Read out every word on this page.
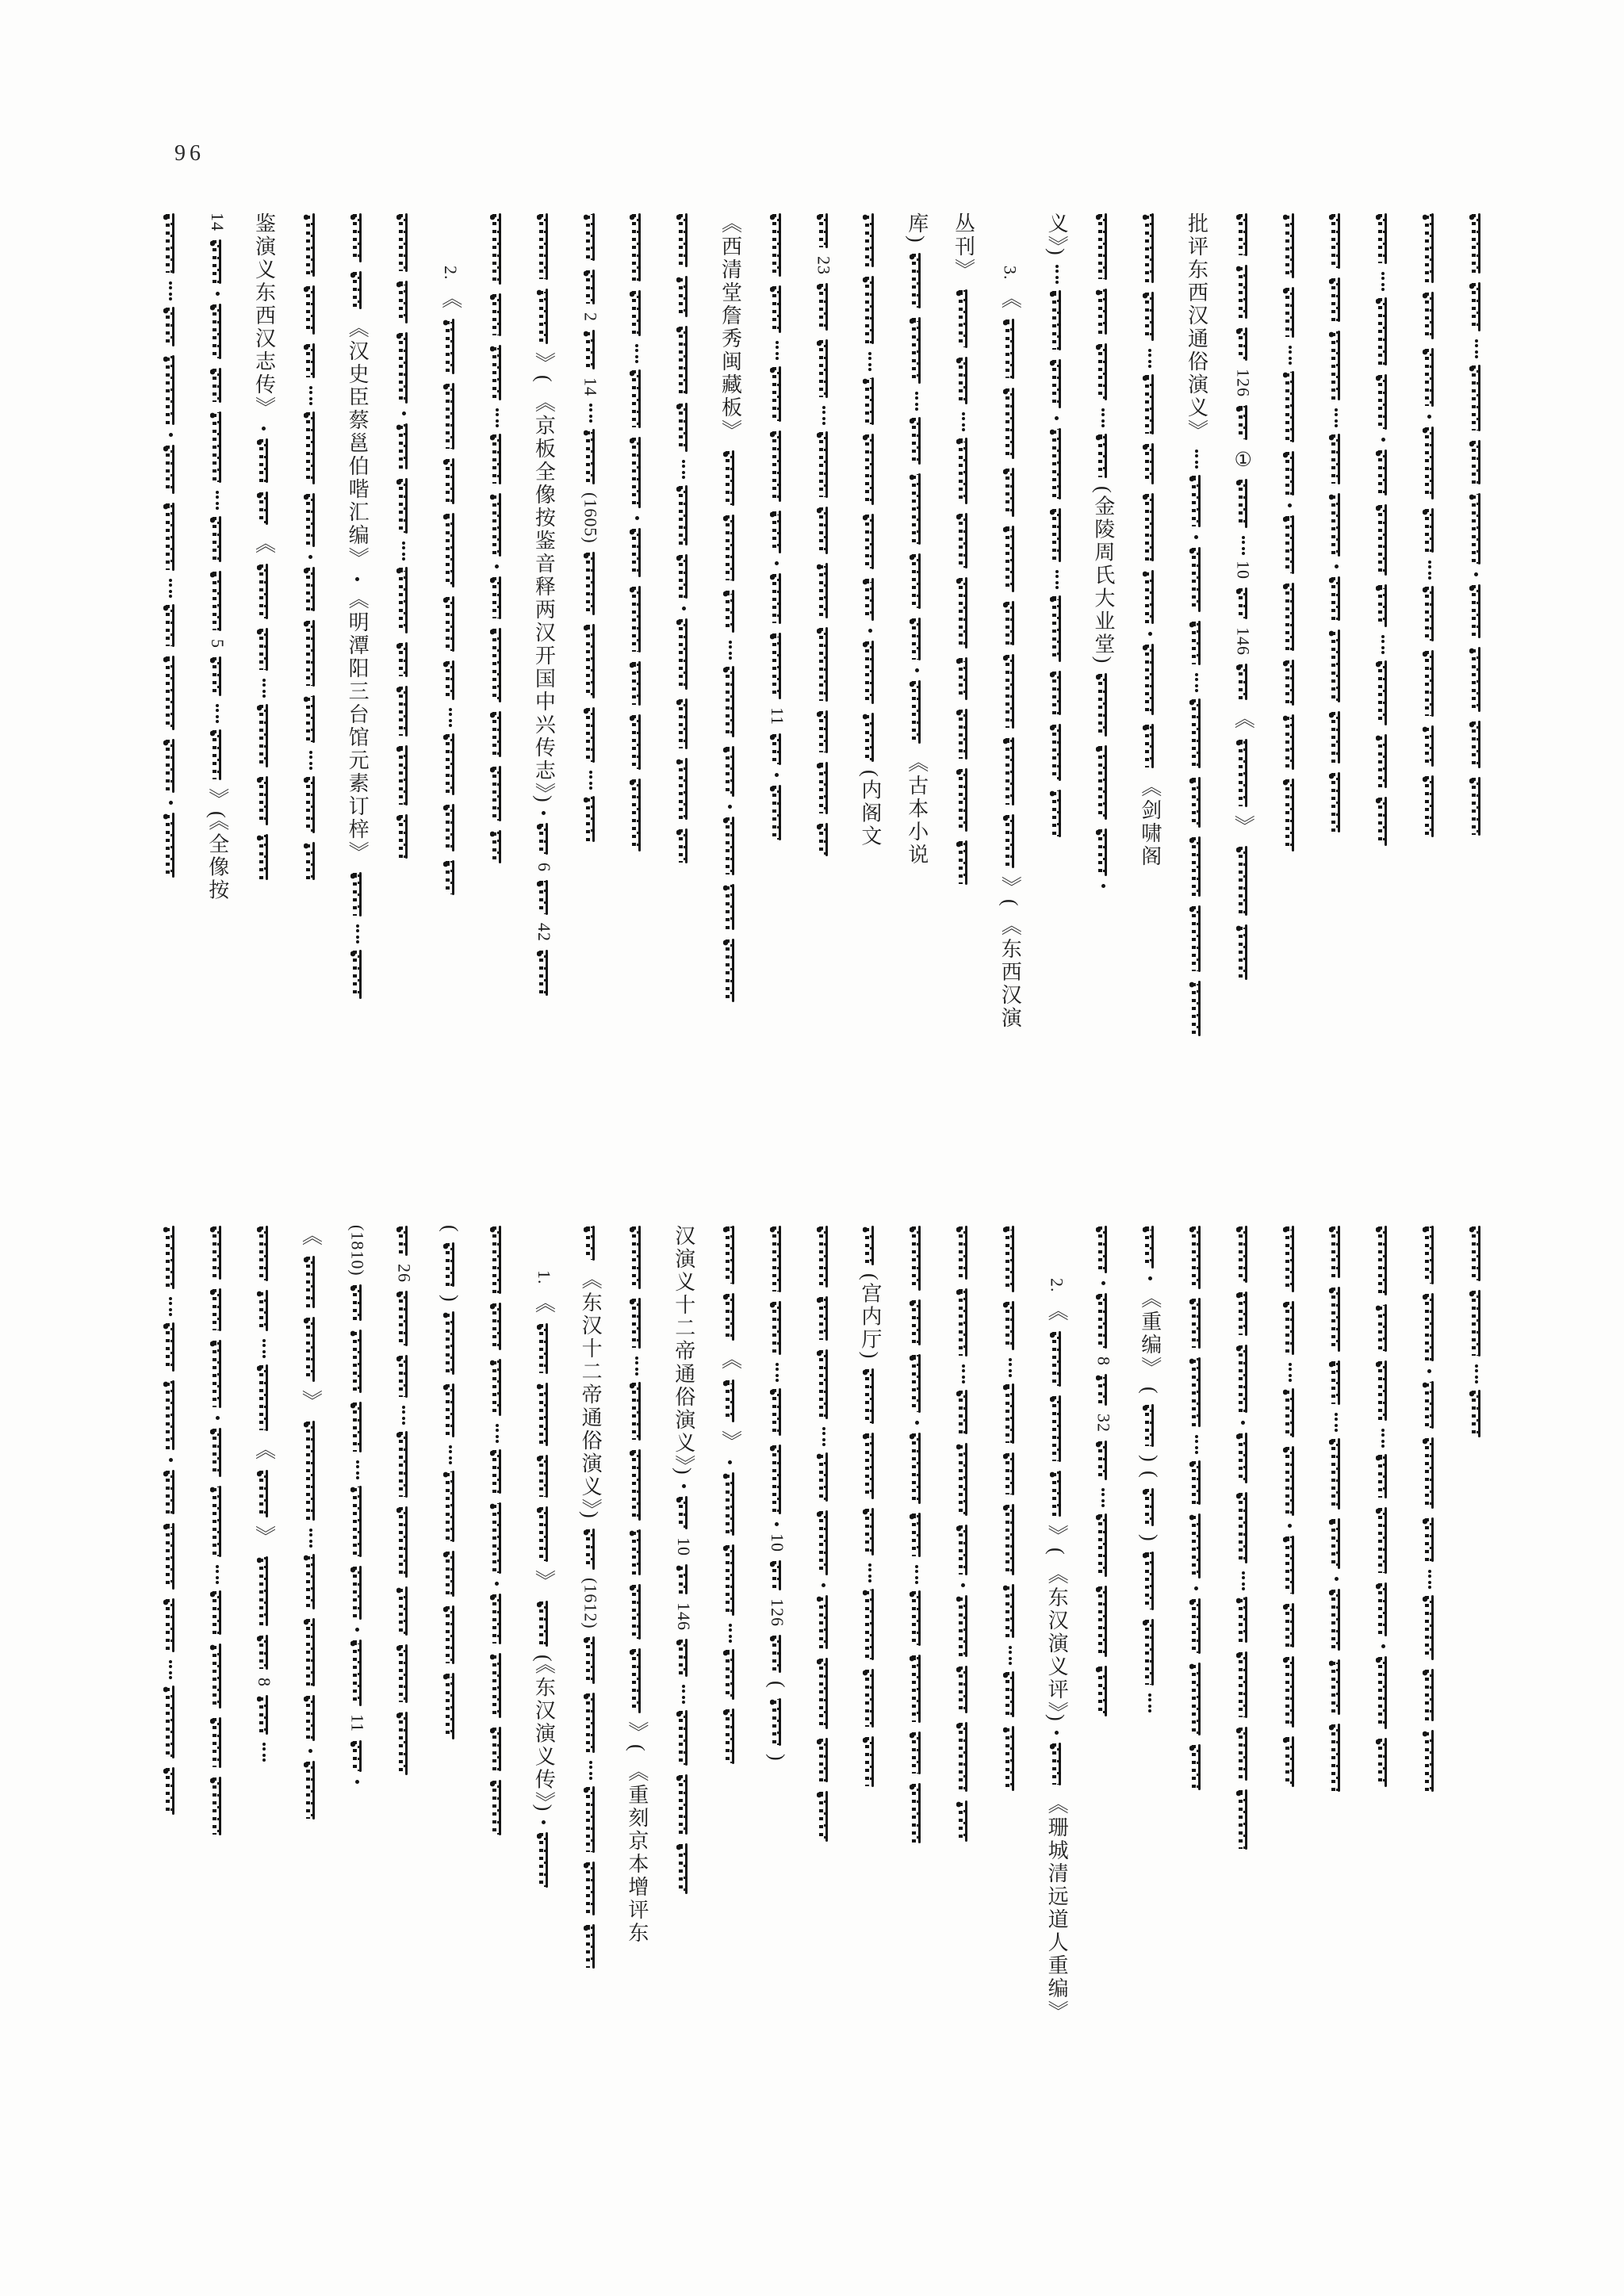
96
14
5
》(《全像按
鉴演义东西汉志传》
《	《汉史臣蔡邕伯喈汇编》
《明潭阳三台馆元素订梓》
2.
《
》(
《京板全像按鉴音释两汉开国中兴传志》)
6
42
2
14
(1605)
《西清堂詹秀闽藏板》
11
23
(内阁文
库)
《古本小说
丛刊》 3.
《
》(
《东西汉演
义》)
(金陵周氏大业堂)
《剑啸阁
批评东西汉通俗演义》 126
①
10
146
《
》
《
》
8
《
》
(1810)
11
26
(
)
1.
《
》
(《东汉演义传》)
《东汉十二帝通俗演义》)
(1612)
》(
《重刻京本增评东
汉演义十二帝通俗演义》)
10
146
《
》
10
126
(
)
(宫内厅)	2.
《
》(
《东汉演义评》)
《珊城清远道人重编》
8
32
《重编》
(
)
(
)
